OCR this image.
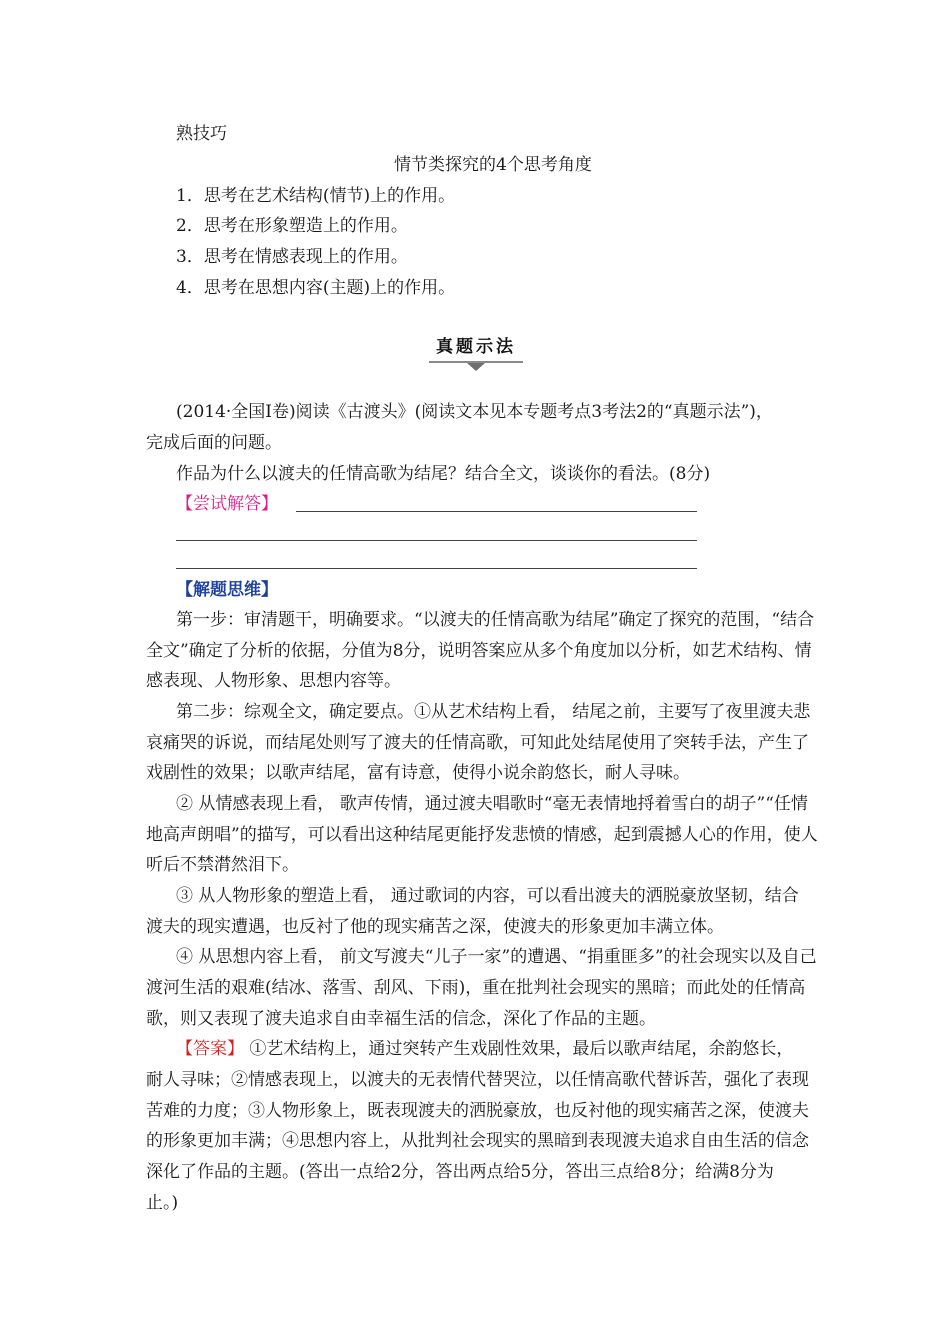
熟技巧
情节类探究的4个思考角度
1．思考在艺术结构(情节)上的作用。
2．思考在形象塑造上的作用。
3．思考在情感表现上的作用。
4．思考在思想内容(主题)上的作用。
真题示法
(2014·全国Ⅰ卷)阅读《古渡头》(阅读文本见本专题考点3考法2的“真题示法”)，
完成后面的问题。
作品为什么以渡夫的任情高歌为结尾？结合全文，谈谈你的看法。(8分)
【尝试解答】
【解题思维】
第一步：审清题干，明确要求。“以渡夫的任情高歌为结尾”确定了探究的范围，“结合
全文”确定了分析的依据，分值为8分，说明答案应从多个角度加以分析，如艺术结构、情
感表现、人物形象、思想内容等。
第二步：综观全文，确定要点。①从艺术结构上看， 结尾之前，主要写了夜里渡夫悲
哀痛哭的诉说，而结尾处则写了渡夫的任情高歌，可知此处结尾使用了突转手法，产生了
戏剧性的效果；以歌声结尾，富有诗意，使得小说余韵悠长，耐人寻味。
② 从情感表现上看， 歌声传情，通过渡夫唱歌时“毫无表情地捋着雪白的胡子”“任情
地高声朗唱”的描写，可以看出这种结尾更能抒发悲愤的情感，起到震撼人心的作用，使人
听后不禁潸然泪下。
③ 从人物形象的塑造上看， 通过歌词的内容，可以看出渡夫的洒脱豪放坚韧，结合
渡夫的现实遭遇，也反衬了他的现实痛苦之深，使渡夫的形象更加丰满立体。
④ 从思想内容上看， 前文写渡夫“儿子一家”的遭遇、“捐重匪多”的社会现实以及自己
渡河生活的艰难(结冰、落雪、刮风、下雨)，重在批判社会现实的黑暗；而此处的任情高
歌，则又表现了渡夫追求自由幸福生活的信念，深化了作品的主题。
【答案】 ①艺术结构上，通过突转产生戏剧性效果，最后以歌声结尾，余韵悠长，
耐人寻味；②情感表现上，以渡夫的无表情代替哭泣，以任情高歌代替诉苦，强化了表现
苦难的力度；③人物形象上，既表现渡夫的洒脱豪放，也反衬他的现实痛苦之深，使渡夫
的形象更加丰满；④思想内容上，从批判社会现实的黑暗到表现渡夫追求自由生活的信念
深化了作品的主题。(答出一点给2分，答出两点给5分，答出三点给8分；给满8分为
止。)
